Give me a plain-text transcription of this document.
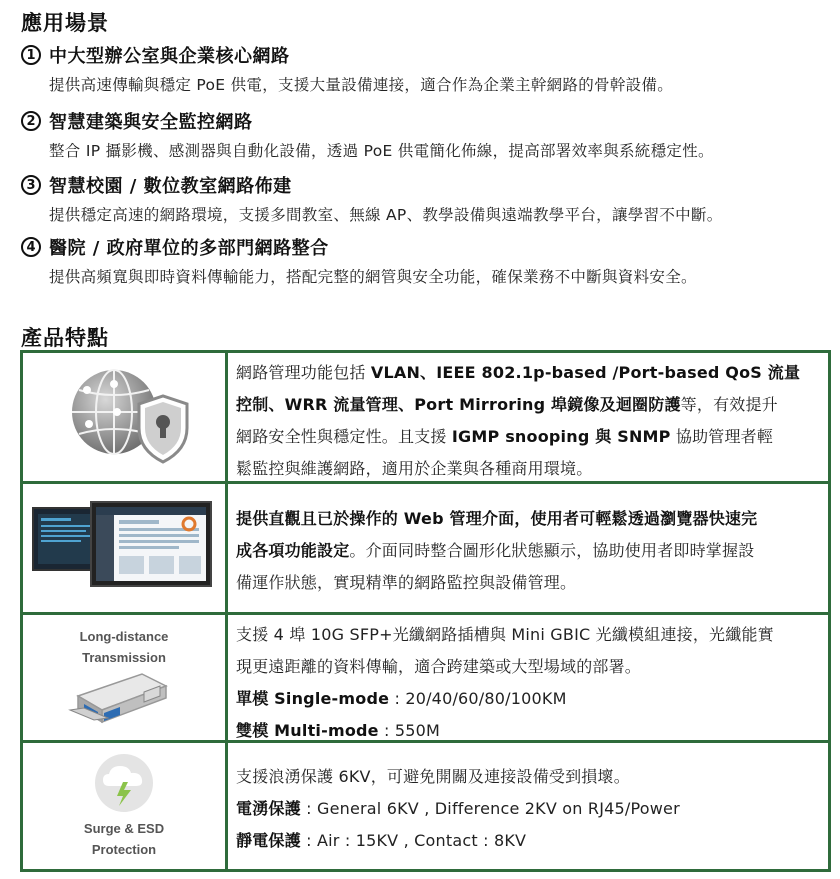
應用場景
1 中大型辦公室與企業核心網路
提供高速傳輸與穩定 PoE 供電，支援大量設備連接，適合作為企業主幹網路的骨幹設備。
2 智慧建築與安全監控網路
整合 IP 攝影機、感測器與自動化設備，透過 PoE 供電簡化佈線，提高部署效率與系統穩定性。
3 智慧校園 / 數位教室網路佈建
提供穩定高速的網路環境，支援多間教室、無線 AP、教學設備與遠端教學平台，讓學習不中斷。
4 醫院 / 政府單位的多部門網路整合
提供高頻寬與即時資料傳輸能力，搭配完整的網管與安全功能，確保業務不中斷與資料安全。
產品特點
網路管理功能包括 VLAN、IEEE 802.1p-based /Port-based QoS 流量
控制、WRR 流量管理、Port Mirroring 埠鏡像及迴圈防護等，有效提升
網路安全性與穩定性。且支援 IGMP snooping 與 SNMP 協助管理者輕
鬆監控與維護網路，適用於企業與各種商用環境。
提供直觀且已於操作的 Web 管理介面，使用者可輕鬆透過瀏覽器快速完
成各項功能設定。介面同時整合圖形化狀態顯示，協助使用者即時掌握設
備運作狀態，實現精準的網路監控與設備管理。
Long-distance
Transmission
支援 4 埠 10G SFP+光纖網路插槽與 Mini GBIC 光纖模組連接，光纖能實
現更遠距離的資料傳輸，適合跨建築或大型場域的部署。
單模 Single-mode : 20/40/60/80/100KM
雙模 Multi-mode : 550M
Surge & ESD
Protection
支援浪湧保護 6KV，可避免開關及連接設備受到損壞。
電湧保護 : General 6KV , Difference 2KV on RJ45/Power
靜電保護 : Air : 15KV , Contact : 8KV
